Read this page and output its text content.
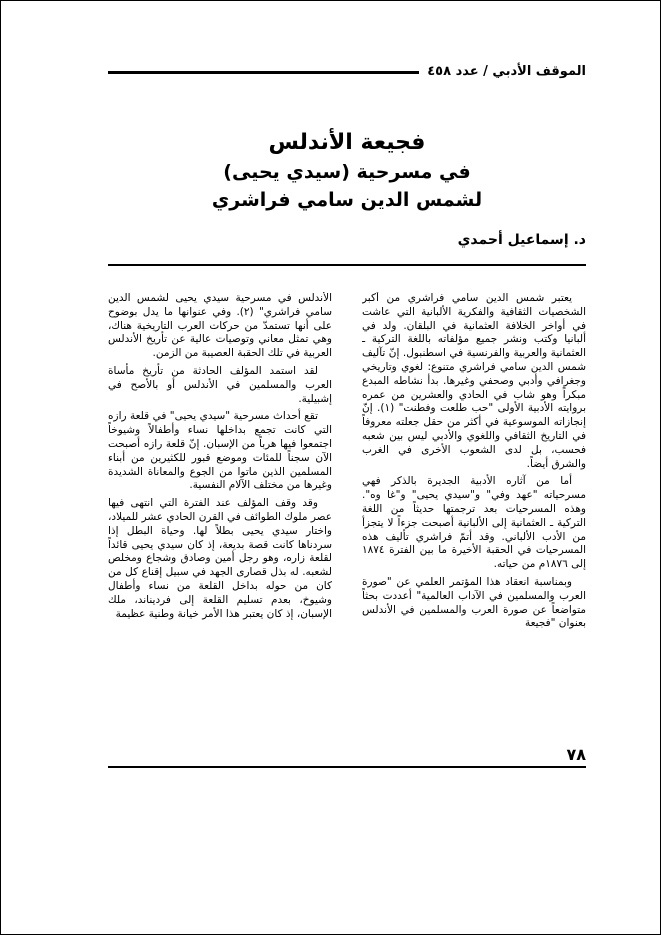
الموقف الأدبي / عدد ٤٥٨

فجيعة الأندلس

في مسرحية (سيدي يحيى)

لشمس الدين سامي فراشري

د. إسماعيل أحمدي

يعتبر شمس الدين سامي فراشري من أكبر الشخصيات الثقافية والفكرية الألبانية التي عاشت في أواخر الخلافة العثمانية في البلقان. ولد في ألبانيا وكتب ونشر جميع مؤلفاته باللغة التركية ـ العثمانية والعربية والفرنسية في اسطنبول. إنّ تآليف شمس الدين سامي فراشري متنوع: لغوي وتاريخي وجغرافي وأدبي وصحفي وغيرها. بدأ نشاطه المبدع مبكراً وهو شاب في الحادي والعشرين من عمره بروايته الأدبية الأولى "حب طلعت وفطنت" (١). إنّ إنجازاته الموسوعية في أكثر من حقل جعلته معروفاً في التاريخ الثقافي واللغوي والأدبي ليس بين شعبه فحسب، بل لدى الشعوب الأخرى في الغرب والشرق أيضاً.

أما من آثاره الأدبية الجديرة بالذكر فهي مسرحياته "عهد وفي" و"سيدي يحيى" و"غا وه". وهذه المسرحيات بعد ترجمتها حديثاً من اللغة التركية ـ العثمانية إلى الألبانية أصبحت جزءاً لا يتجزأ من الأدب الألباني. وقد أتمّ فراشري تأليف هذه المسرحيات في الحقبة الأخيرة ما بين الفترة ١٨٧٤ إلى ١٨٧٦م من حياته.

وبمناسبة انعقاد هذا المؤتمر العلمي عن "صورة العرب والمسلمين في الآداب العالمية" أعددت بحثاً متواضعاً عن صورة العرب والمسلمين في الأندلس بعنوان "فجيعة

الأندلس في مسرحية سيدي يحيى لشمس الدين سامي فراشري" (٢). وفي عنوانها ما يدل بوضوح على أنها تستمدّ من حركات العرب التاريخية هناك، وهي تمثل معاني وتوصيات عالية عن تأريخ الأندلس العربية في تلك الحقبة العصيبة من الزمن.

لقد استمد المؤلف الحادثة من تأريخ مأساة العرب والمسلمين في الأندلس أو بالأصح في إشبيلية.

تقع أحداث مسرحية "سيدي يحيى" في قلعة رازه التي كانت تجمع بداخلها نساء وأطفالاً وشيوخاً اجتمعوا فيها هرباً من الإسبان. إنّ قلعة رازه أصبحت الآن سجناً للمئات وموضع قبور للكثيرين من أبناء المسلمين الذين ماتوا من الجوع والمعاناة الشديدة وغيرها من مختلف الآلام النفسية.

وقد وقف المؤلف عند الفترة التي انتهى فيها عصر ملوك الطوائف في القرن الحادي عشر للميلاد، واختار سيدي يحيى بطلاً لها. وحياة البطل إذا سردناها كانت قصة بديعة، إذ كان سيدي يحيى قائداً لقلعة زاره، وهو رجل أمين وصادق وشجاع ومخلص لشعبه. له بذل قصارى الجهد في سبيل إقناع كل من كان من حوله بداخل القلعة من نساء وأطفال وشيوخ، بعدم تسليم القلعة إلى فرديناند، ملك الإسبان، إذ كان يعتبر هذا الأمر خيانة وطنية عظيمة

٧٨
